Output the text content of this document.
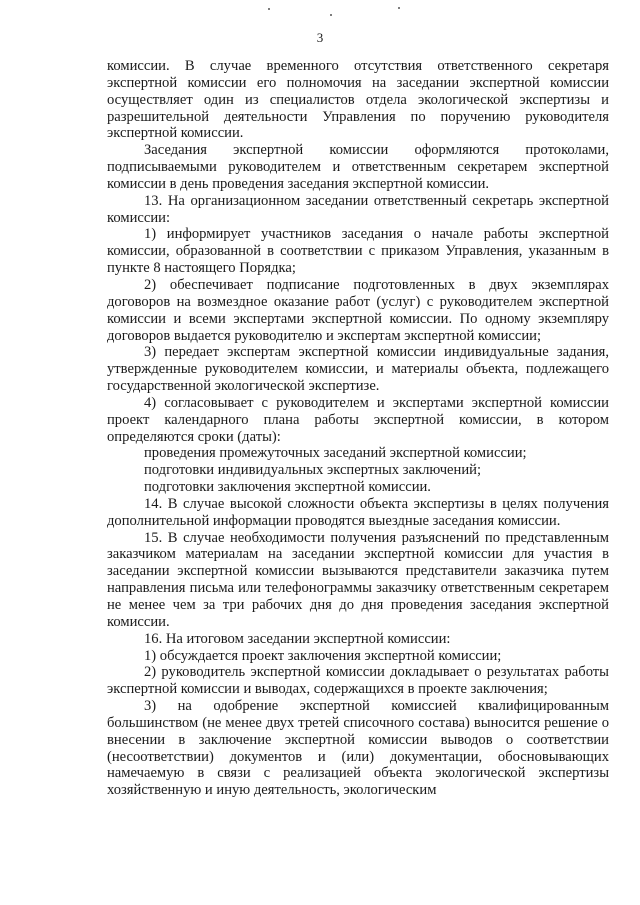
3

комиссии. В случае временного отсутствия ответственного секретаря экспертной комиссии его полномочия на заседании экспертной комиссии осуществляет один из специалистов отдела экологической экспертизы и разрешительной деятельности Управления по поручению руководителя экспертной комиссии.

Заседания экспертной комиссии оформляются протоколами, подписываемыми руководителем и ответственным секретарем экспертной комиссии в день проведения заседания экспертной комиссии.

13. На организационном заседании ответственный секретарь экспертной комиссии:

1) информирует участников заседания о начале работы экспертной комиссии, образованной в соответствии с приказом Управления, указанным в пункте 8 настоящего Порядка;

2) обеспечивает подписание подготовленных в двух экземплярах договоров на возмездное оказание работ (услуг) с руководителем экспертной комиссии и всеми экспертами экспертной комиссии. По одному экземпляру договоров выдается руководителю и экспертам экспертной комиссии;

3) передает экспертам экспертной комиссии индивидуальные задания, утвержденные руководителем комиссии, и материалы объекта, подлежащего государственной экологической экспертизе.

4) согласовывает с руководителем и экспертами экспертной комиссии проект календарного плана работы экспертной комиссии, в котором определяются сроки (даты):

проведения промежуточных заседаний экспертной комиссии;

подготовки индивидуальных экспертных заключений;

подготовки заключения экспертной комиссии.

14. В случае высокой сложности объекта экспертизы в целях получения дополнительной информации проводятся выездные заседания комиссии.

15. В случае необходимости получения разъяснений по представленным заказчиком материалам на заседании экспертной комиссии для участия в заседании экспертной комиссии вызываются представители заказчика путем направления письма или телефонограммы заказчику ответственным секретарем не менее чем за три рабочих дня до дня проведения заседания экспертной комиссии.

16. На итоговом заседании экспертной комиссии:

1) обсуждается проект заключения экспертной комиссии;

2) руководитель экспертной комиссии докладывает о результатах работы экспертной комиссии и выводах, содержащихся в проекте заключения;

3) на одобрение экспертной комиссией квалифицированным большинством (не менее двух третей списочного состава) выносится решение о внесении в заключение экспертной комиссии выводов о соответствии (несоответствии) документов и (или) документации, обосновывающих намечаемую в связи с реализацией объекта экологической экспертизы хозяйственную и иную деятельность, экологическим
